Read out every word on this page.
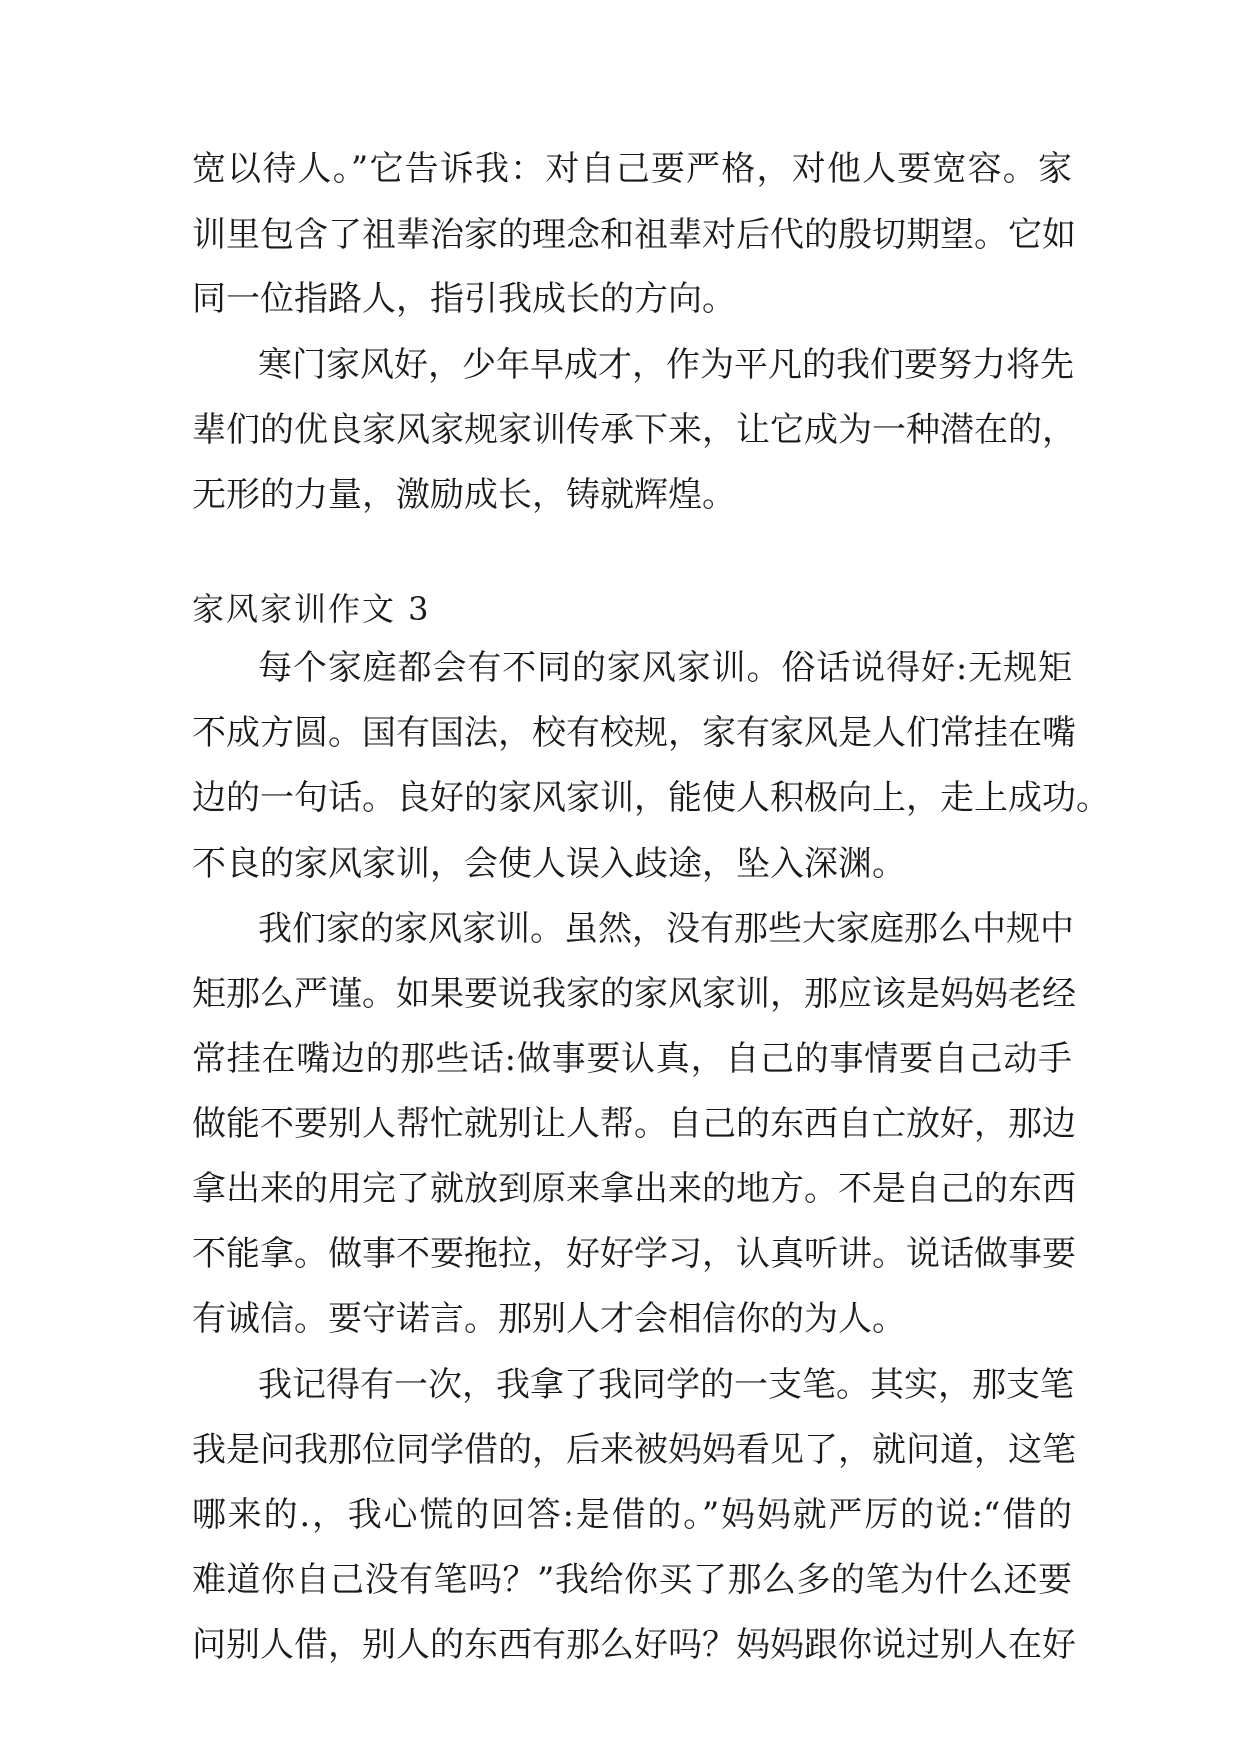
宽以待人。”它告诉我：对自己要严格，对他人要宽容。家
训里包含了祖辈治家的理念和祖辈对后代的殷切期望。它如
同一位指路人，指引我成长的方向。
寒门家风好，少年早成才，作为平凡的我们要努力将先
辈们的优良家风家规家训传承下来，让它成为一种潜在的，
无形的力量，激励成长，铸就辉煌。
家风家训作文 3
每个家庭都会有不同的家风家训。俗话说得好:无规矩
不成方圆。国有国法，校有校规，家有家风是人们常挂在嘴
边的一句话。良好的家风家训，能使人积极向上，走上成功。
不良的家风家训，会使人误入歧途，坠入深渊。
我们家的家风家训。虽然，没有那些大家庭那么中规中
矩那么严谨。如果要说我家的家风家训，那应该是妈妈老经
常挂在嘴边的那些话:做事要认真，自己的事情要自己动手
做能不要别人帮忙就别让人帮。自己的东西自亡放好，那边
拿出来的用完了就放到原来拿出来的地方。不是自己的东西
不能拿。做事不要拖拉，好好学习，认真听讲。说话做事要
有诚信。要守诺言。那别人才会相信你的为人。
我记得有一次，我拿了我同学的一支笔。其实，那支笔
我是问我那位同学借的，后来被妈妈看见了，就问道，这笔
哪来的.，我心慌的回答:是借的。”妈妈就严厉的说:“借的
难道你自己没有笔吗？”我给你买了那么多的笔为什么还要
问别人借，别人的东西有那么好吗？妈妈跟你说过别人在好
